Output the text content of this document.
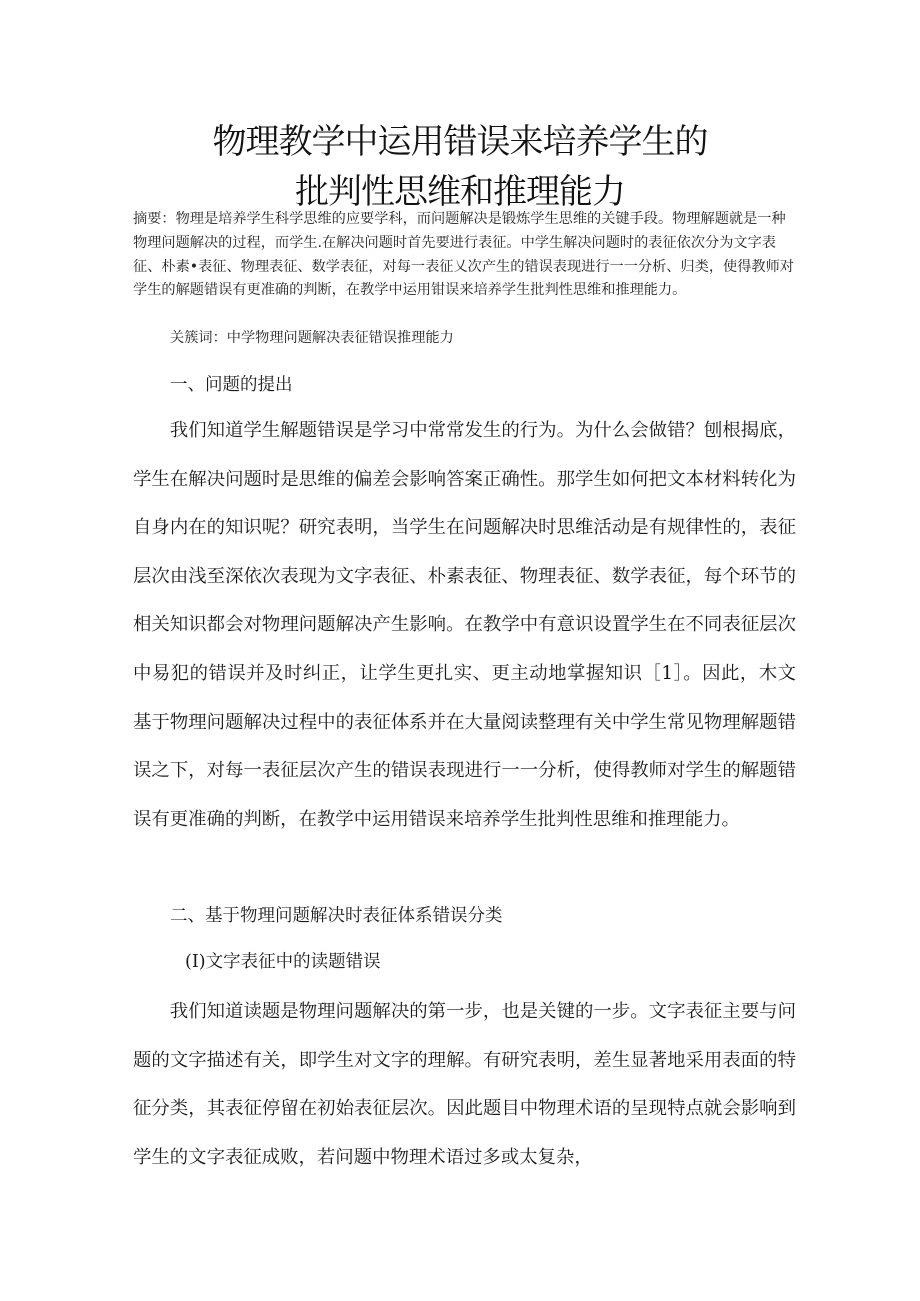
物理教学中运用错误来培养学生的
批判性思维和推理能力

摘要：物理是培养学生科学思维的应要学科，而问题解决是锻炼学生思维的关键手段。物理解题就是一种物理问题解决的过程，而学生.在解决问题时首先要进行表征。中学生解决问题时的表征依次分为文字表征、朴素•表征、物理表征、数学表征，对每一表征乂次产生的错误表现进行一一分析、归类，使得教师对学生的解题错误有更准确的判断，在教学中运用钳误来培养学生批判性思维和推理能力。

关簇词：中学物理问题解决表征错误推理能力
一、问题的提出

我们知道学生解题错误是学习中常常发生的行为。为什么会做错？刨根揭底，学生在解决问题时是思维的偏差会影响答案正确性。那学生如何把文本材料转化为自身内在的知识呢？研究表明，当学生在问题解决时思维活动是有规律性的，表征层次由浅至深依次表现为文字表征、朴素表征、物理表征、数学表征，每个环节的相关知识都会对物理问题解决产生影响。在教学中有意识设置学生在不同表征层次中易犯的错误并及时纠正，让学生更扎实、更主动地掌握知识［1］。因此，木文基于物理问题解决过程中的表征体系并在大量阅读整理有关中学生常见物理解题错误之下，对每一表征层次产生的错误表现进行一一分析，使得教师对学生的解题错误有更准确的判断，在教学中运用错误来培养学生批判性思维和推理能力。

二、基于物理问题解决时表征体系错误分类
(I)文字表征中的读题错误

我们知道读题是物理问题解决的第一步，也是关键的一步。文字表征主要与问题的文字描述有关，即学生对文字的理解。有研究表明，差生显著地采用表面的特征分类，其表征停留在初始表征层次。因此题目中物理术语的呈现特点就会影响到学生的文字表征成败，若问题中物理术语过多或太复杂，
